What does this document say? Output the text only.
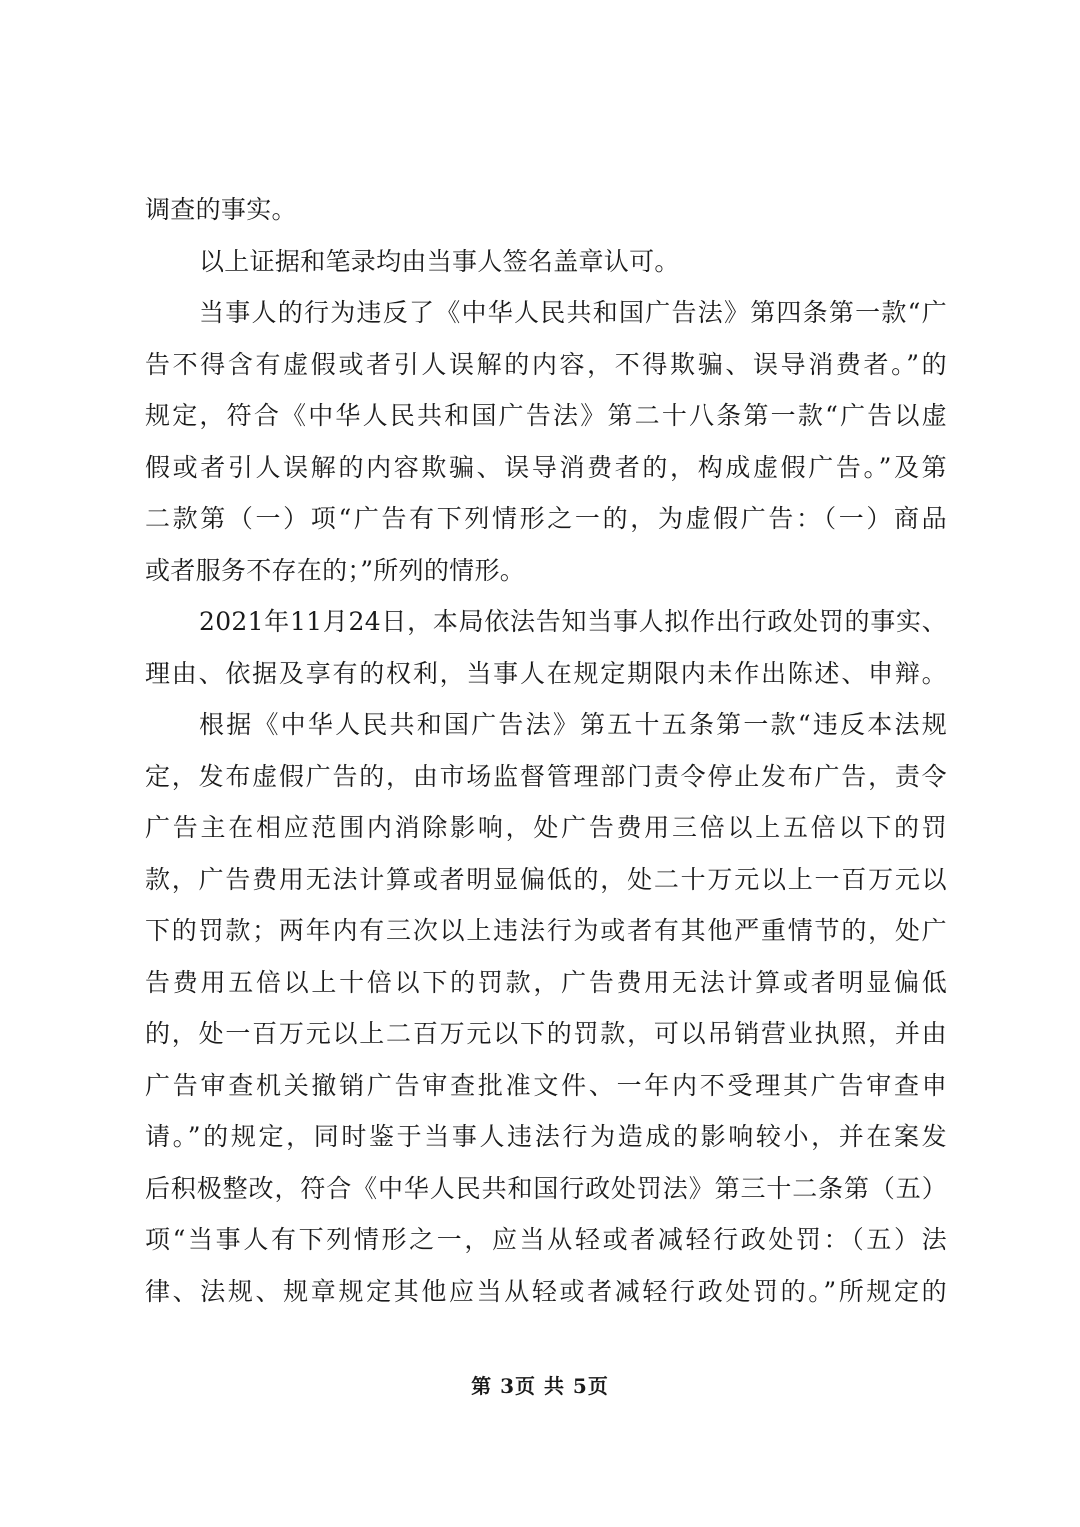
调查的事实。
以上证据和笔录均由当事人签名盖章认可。
当事人的行为违反了《中华人民共和国广告法》第四条第一款“广
告不得含有虚假或者引人误解的内容，不得欺骗、误导消费者。”的
规定，符合《中华人民共和国广告法》第二十八条第一款“广告以虚
假或者引人误解的内容欺骗、误导消费者的，构成虚假广告。”及第
二款第（一）项“广告有下列情形之一的，为虚假广告：（一）商品
或者服务不存在的；”所列的情形。
2021年11月24日，本局依法告知当事人拟作出行政处罚的事实、
理由、依据及享有的权利，当事人在规定期限内未作出陈述、申辩。
根据《中华人民共和国广告法》第五十五条第一款“违反本法规
定，发布虚假广告的，由市场监督管理部门责令停止发布广告，责令
广告主在相应范围内消除影响，处广告费用三倍以上五倍以下的罚
款，广告费用无法计算或者明显偏低的，处二十万元以上一百万元以
下的罚款；两年内有三次以上违法行为或者有其他严重情节的，处广
告费用五倍以上十倍以下的罚款，广告费用无法计算或者明显偏低
的，处一百万元以上二百万元以下的罚款，可以吊销营业执照，并由
广告审查机关撤销广告审查批准文件、一年内不受理其广告审查申
请。”的规定，同时鉴于当事人违法行为造成的影响较小，并在案发
后积极整改，符合《中华人民共和国行政处罚法》第三十二条第（五）
项“当事人有下列情形之一，应当从轻或者减轻行政处罚：（五）法
律、法规、规章规定其他应当从轻或者减轻行政处罚的。”所规定的
第 3页 共 5页
